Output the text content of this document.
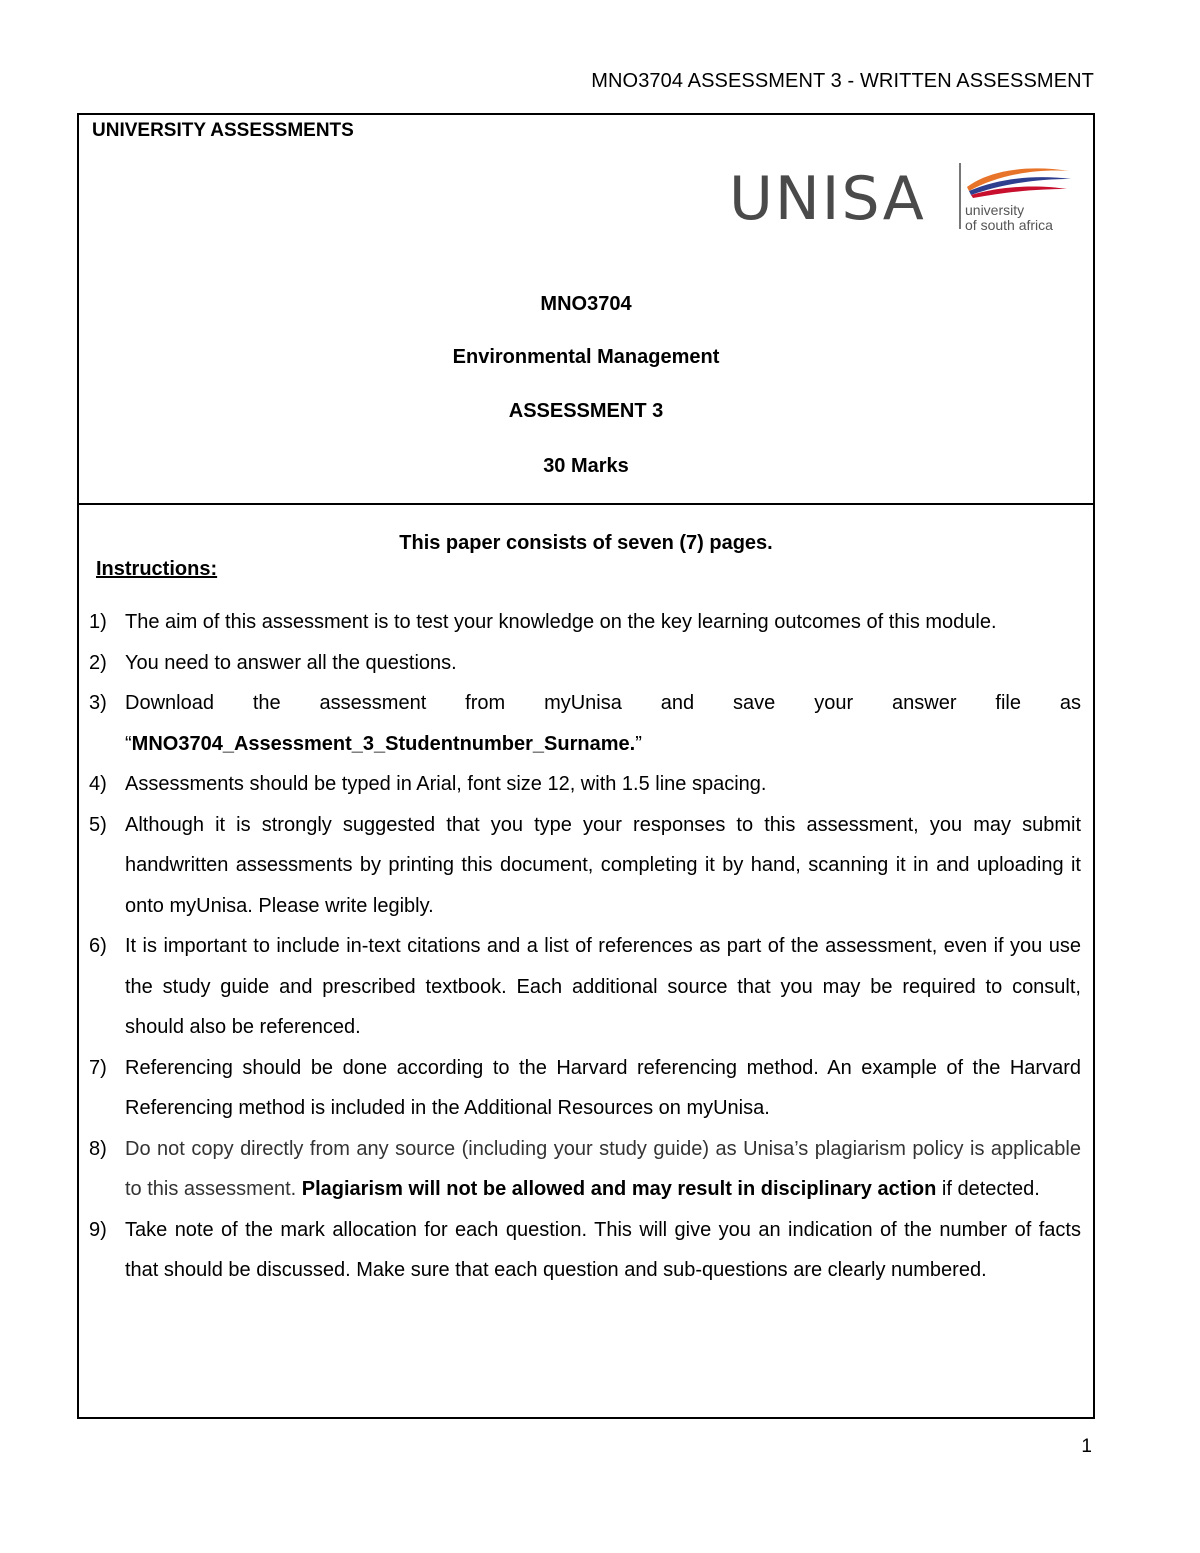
MNO3704 ASSESSMENT 3 - WRITTEN ASSESSMENT
UNIVERSITY ASSESSMENTS
UNISA	university
of south africa
MNO3704
Environmental Management
ASSESSMENT 3
30 Marks
This paper consists of seven (7) pages.
Instructions:
1) The aim of this assessment is to test your knowledge on the key learning outcomes of this module.
2) You need to answer all the questions.
3) Download the assessment from myUnisa and save your answer file as “MNO3704_Assessment_3_Studentnumber_Surname.”
4) Assessments should be typed in Arial, font size 12, with 1.5 line spacing.
5) Although it is strongly suggested that you type your responses to this assessment, you may submit handwritten assessments by printing this document, completing it by hand, scanning it in and uploading it onto myUnisa. Please write legibly.
6) It is important to include in-text citations and a list of references as part of the assessment, even if you use the study guide and prescribed textbook. Each additional source that you may be required to consult, should also be referenced.
7) Referencing should be done according to the Harvard referencing method. An example of the Harvard Referencing method is included in the Additional Resources on myUnisa.
8) Do not copy directly from any source (including your study guide) as Unisa’s plagiarism policy is applicable to this assessment. Plagiarism will not be allowed and may result in disciplinary action if detected.
9) Take note of the mark allocation for each question. This will give you an indication of the number of facts that should be discussed. Make sure that each question and sub-questions are clearly numbered.
1
